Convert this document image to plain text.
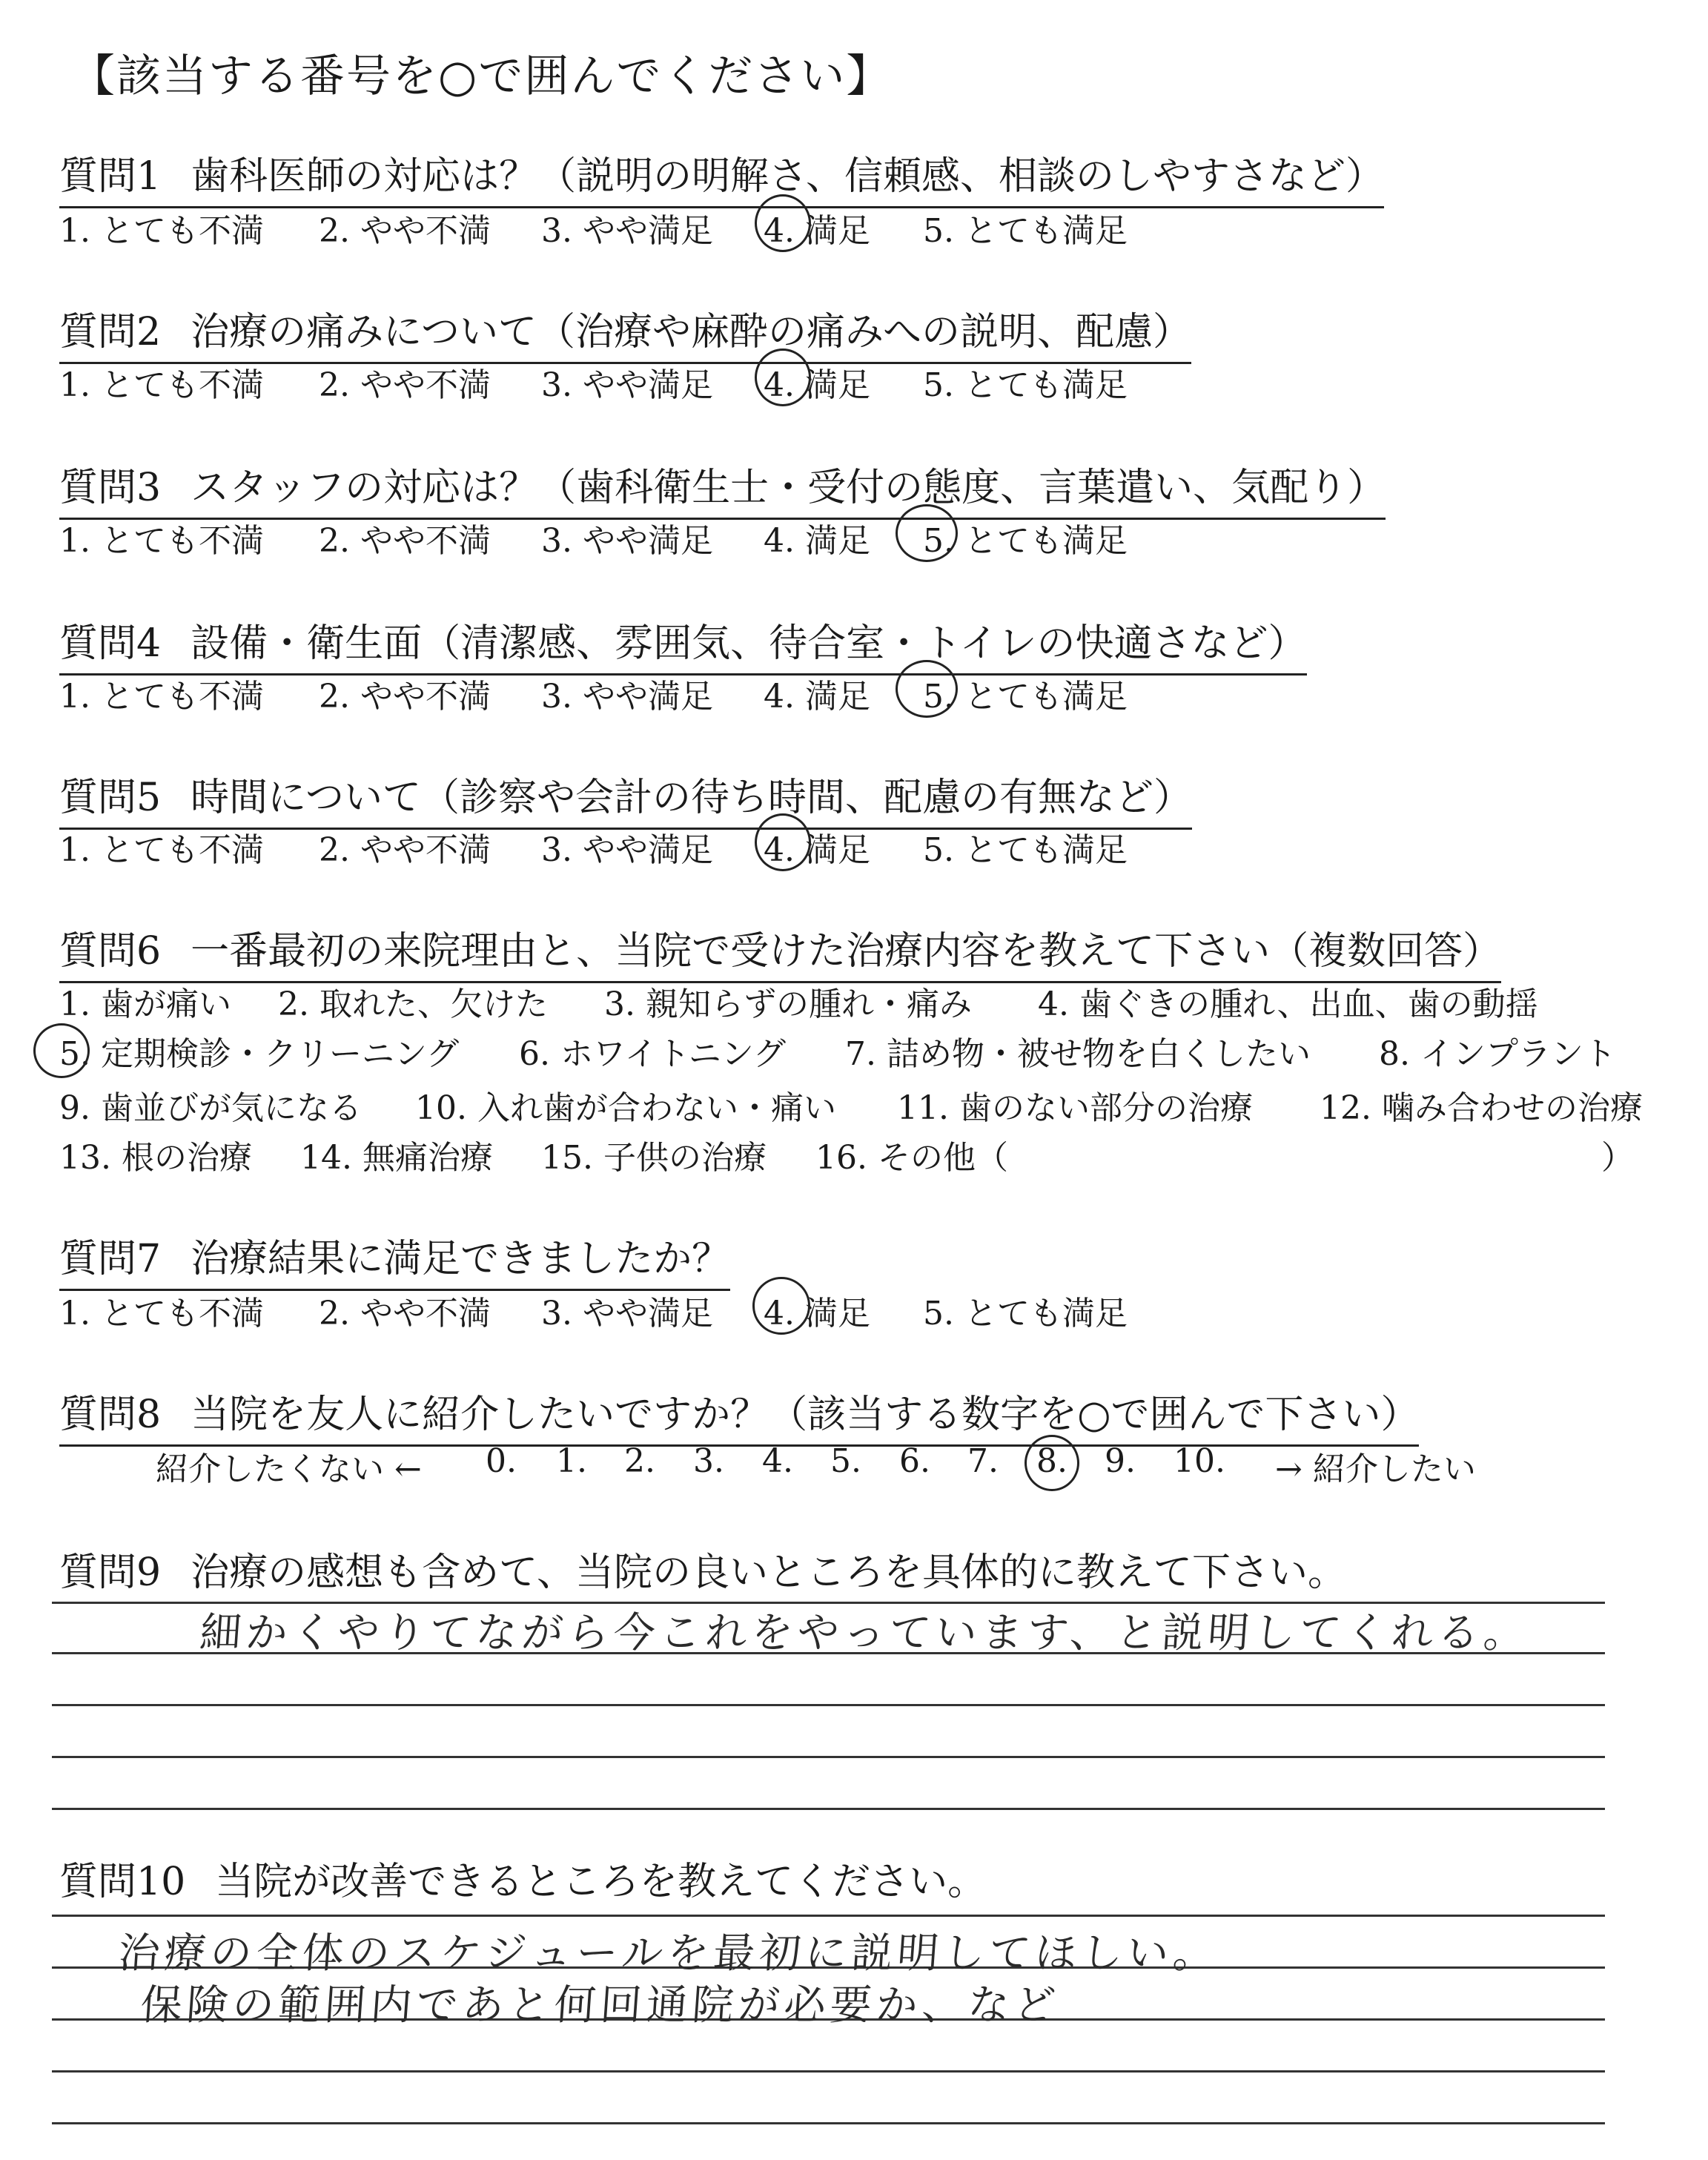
【該当する番号を○で囲んでください】
質問1 歯科医師の対応は？（説明の明解さ、信頼感、相談のしやすさなど）
1. とても不満 2. やや不満 3. やや満足 4. 満足 5. とても満足
質問2 治療の痛みについて（治療や麻酔の痛みへの説明、配慮）
1. とても不満 2. やや不満 3. やや満足 4. 満足 5. とても満足
質問3 スタッフの対応は？（歯科衛生士・受付の態度、言葉遣い、気配り）
1. とても不満 2. やや不満 3. やや満足 4. 満足 5. とても満足
質問4 設備・衛生面（清潔感、雰囲気、待合室・トイレの快適さなど）
1. とても不満 2. やや不満 3. やや満足 4. 満足 5. とても満足
質問5 時間について（診察や会計の待ち時間、配慮の有無など）
1. とても不満 2. やや不満 3. やや満足 4. 満足 5. とても満足
質問6 一番最初の来院理由と、当院で受けた治療内容を教えて下さい（複数回答）
1. 歯が痛い 2. 取れた、欠けた 3. 親知らずの腫れ・痛み 4. 歯ぐきの腫れ、出血、歯の動揺
5. 定期検診・クリーニング 6. ホワイトニング 7. 詰め物・被せ物を白くしたい 8. インプラント
9. 歯並びが気になる 10. 入れ歯が合わない・痛い 11. 歯のない部分の治療 12. 噛み合わせの治療
13. 根の治療 14. 無痛治療 15. 子供の治療 16. その他（	）
質問7 治療結果に満足できましたか？
1. とても不満 2. やや不満 3. やや満足 4. 満足 5. とても満足
質問8 当院を友人に紹介したいですか？（該当する数字を○で囲んで下さい）
紹介したくない ← 0. 1. 2. 3. 4. 5. 6. 7. 8. 9. 10. → 紹介したい
質問9 治療の感想も含めて、当院の良いところを具体的に教えて下さい。
細かくやりてながら今これをやっています、と説明してくれる。
質問10 当院が改善できるところを教えてください。
治療の全体のスケジュールを最初に説明してほしい。
保険の範囲内であと何回通院が必要か、など
